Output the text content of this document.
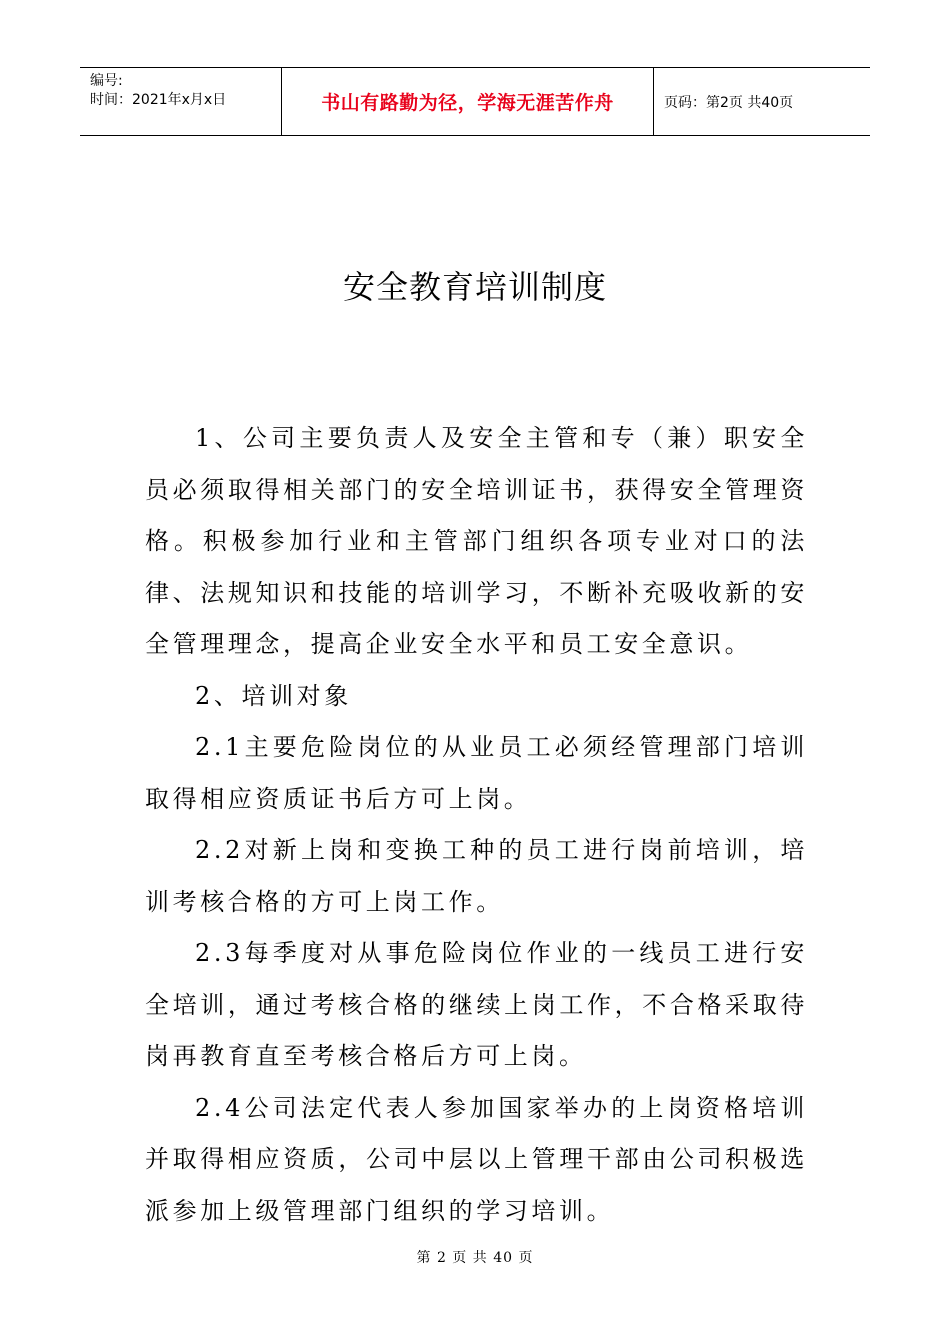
编号:
时间：2021年x月x日	书山有路勤为径，学海无涯苦作舟	页码：第2页 共40页
安全教育培训制度

1、公司主要负责人及安全主管和专（兼）职安全员必须取得相关部门的安全培训证书，获得安全管理资格。积极参加行业和主管部门组织各项专业对口的法律、法规知识和技能的培训学习，不断补充吸收新的安全管理理念，提高企业安全水平和员工安全意识。

2、培训对象

2.1主要危险岗位的从业员工必须经管理部门培训取得相应资质证书后方可上岗。

2.2对新上岗和变换工种的员工进行岗前培训，培训考核合格的方可上岗工作。

2.3每季度对从事危险岗位作业的一线员工进行安全培训，通过考核合格的继续上岗工作，不合格采取待岗再教育直至考核合格后方可上岗。

2.4公司法定代表人参加国家举办的上岗资格培训并取得相应资质，公司中层以上管理干部由公司积极选派参加上级管理部门组织的学习培训。

第 2 页 共 40 页
